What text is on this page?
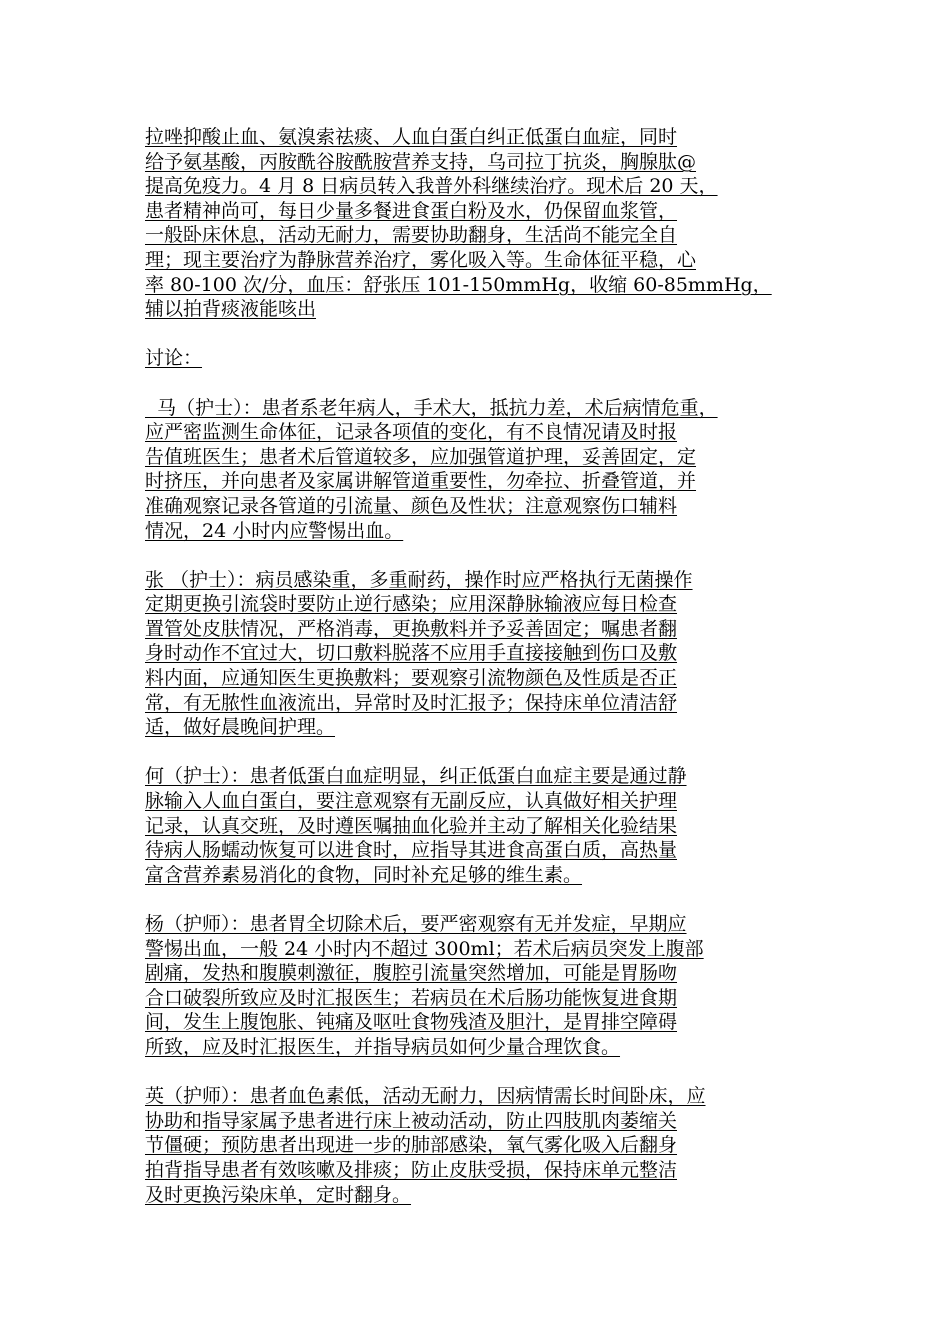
拉唑抑酸止血、氨溴索祛痰、人血白蛋白纠正低蛋白血症，同时
给予氨基酸，丙胺酰谷胺酰胺营养支持，乌司拉丁抗炎，胸腺肽@
提高免疫力。4 月 8 日病员转入我普外科继续治疗。现术后 20 天，
患者精神尚可，每日少量多餐进食蛋白粉及水，仍保留血浆管，
一般卧床休息，活动无耐力，需要协助翻身，生活尚不能完全自
理；现主要治疗为静脉营养治疗，雾化吸入等。生命体征平稳，心
率 80-100 次/分，血压：舒张压 101-150mmHg，收缩 60-85mmHg，
辅以拍背痰液能咳出
讨论：
马（护士）：患者系老年病人，手术大，抵抗力差，术后病情危重，
应严密监测生命体征，记录各项值的变化，有不良情况请及时报
告值班医生；患者术后管道较多，应加强管道护理，妥善固定，定
时挤压，并向患者及家属讲解管道重要性，勿牵拉、折叠管道，并
准确观察记录各管道的引流量、颜色及性状；注意观察伤口辅料
情况，24 小时内应警惕出血。
张 （护士）：病员感染重，多重耐药，操作时应严格执行无菌操作
定期更换引流袋时要防止逆行感染；应用深静脉输液应每日检查
置管处皮肤情况，严格消毒，更换敷料并予妥善固定；嘱患者翻
身时动作不宜过大，切口敷料脱落不应用手直接接触到伤口及敷
料内面，应通知医生更换敷料；要观察引流物颜色及性质是否正
常，有无脓性血液流出，异常时及时汇报予；保持床单位清洁舒
适，做好晨晚间护理。
何（护士）：患者低蛋白血症明显，纠正低蛋白血症主要是通过静
脉输入人血白蛋白，要注意观察有无副反应，认真做好相关护理
记录，认真交班，及时遵医嘱抽血化验并主动了解相关化验结果
待病人肠蠕动恢复可以进食时，应指导其进食高蛋白质，高热量
富含营养素易消化的食物，同时补充足够的维生素。
杨（护师）：患者胃全切除术后，要严密观察有无并发症，早期应
警惕出血，一般 24 小时内不超过 300ml；若术后病员突发上腹部
剧痛，发热和腹膜刺激征，腹腔引流量突然增加，可能是胃肠吻
合口破裂所致应及时汇报医生；若病员在术后肠功能恢复进食期
间，发生上腹饱胀、钝痛及呕吐食物残渣及胆汁，是胃排空障碍
所致，应及时汇报医生，并指导病员如何少量合理饮食。
英（护师）：患者血色素低，活动无耐力，因病情需长时间卧床，应
协助和指导家属予患者进行床上被动活动，防止四肢肌肉萎缩关
节僵硬；预防患者出现进一步的肺部感染，氧气雾化吸入后翻身
拍背指导患者有效咳嗽及排痰；防止皮肤受损，保持床单元整洁
及时更换污染床单，定时翻身。
